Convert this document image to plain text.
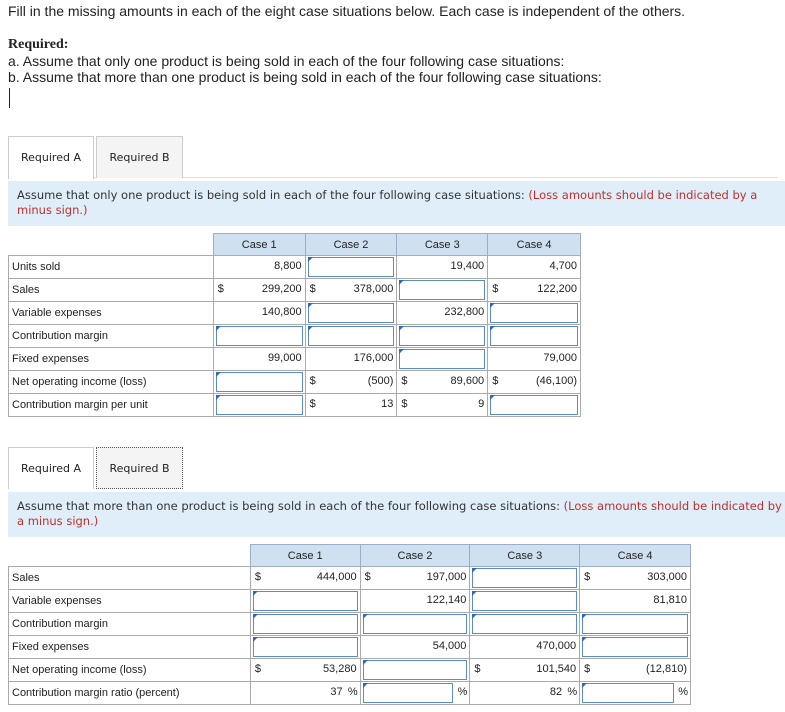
Fill in the missing amounts in each of the eight case situations below. Each case is independent of the others.
Required:
a. Assume that only one product is being sold in each of the four following case situations:
b. Assume that more than one product is being sold in each of the four following case situations:
Required A	Required B
Assume that only one product is being sold in each of the four following case situations: (Loss amounts should be indicated by a minus sign.)
	Case 1	Case 2	Case 3	Case 4
Units sold	8,800		19,400	4,700

Sales	$ 299,200	$ 378,000		$ 122,200

Variable expenses	140,800		232,800	

Contribution margin	

Fixed expenses	99,000	176,000		79,000

Net operating income (loss)		$ (500)	$ 89,600	$ (46,100)

Contribution margin per unit		$ 13	$ 9	

Required A	Required B
Assume that more than one product is being sold in each of the four following case situations: (Loss amounts should be indicated by a minus sign.)
	Case 1	Case 2	Case 3	Case 4
Sales	$ 444,000	$ 197,000		$ 303,000

Variable expenses		122,140		81,810

Contribution margin	

Fixed expenses		54,000	470,000	

Net operating income (loss)	$ 53,280		$ 101,540	$ (12,810)

Contribution margin ratio (percent)	37 %	%	82 %	%
